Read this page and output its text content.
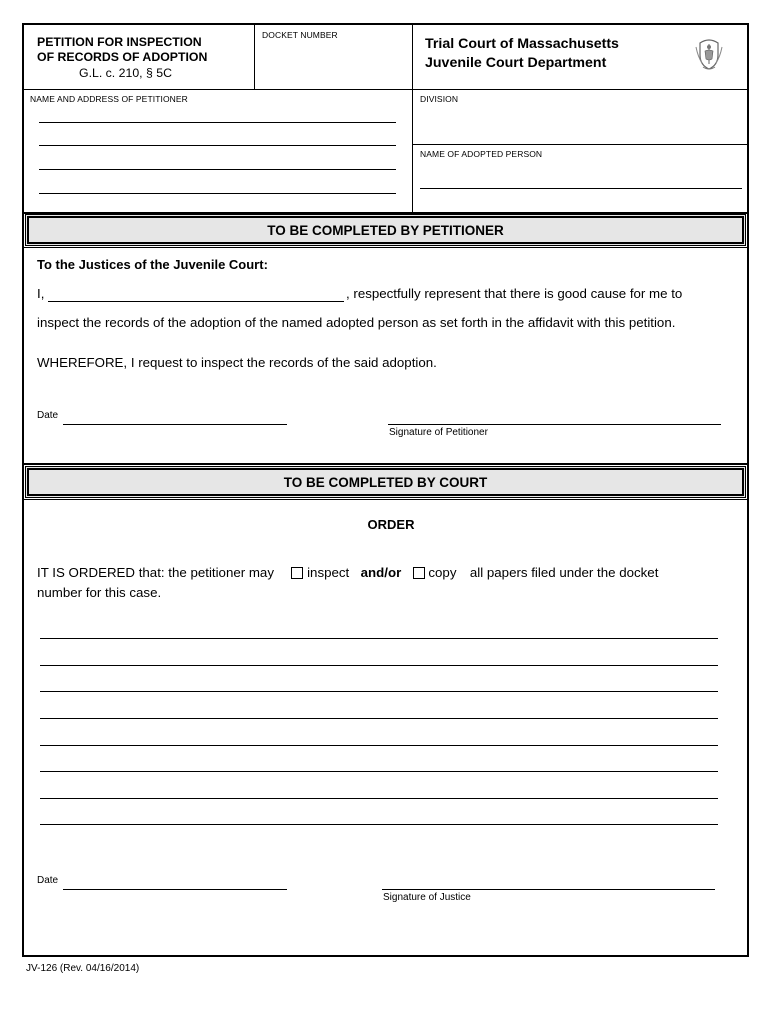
PETITION FOR INSPECTION
OF RECORDS OF ADOPTION
G.L. c. 210, § 5C
DOCKET NUMBER
Trial Court of Massachusetts
Juvenile Court Department
NAME AND ADDRESS OF PETITIONER	DIVISION
NAME OF ADOPTED PERSON
TO BE COMPLETED BY PETITIONER
To the Justices of the Juvenile Court:
I,	, respectfully represent that there is good cause for me to
inspect the records of the adoption of the named adopted person as set forth in the affidavit with this petition.
WHEREFORE, I request to inspect the records of the said adoption.
Date
Signature of Petitioner
TO BE COMPLETED BY COURT
ORDER
IT IS ORDERED that: the petitioner may inspect and/or copy all papers filed under the docket
number for this case.
Date
Signature of Justice
JV-126 (Rev. 04/16/2014)
